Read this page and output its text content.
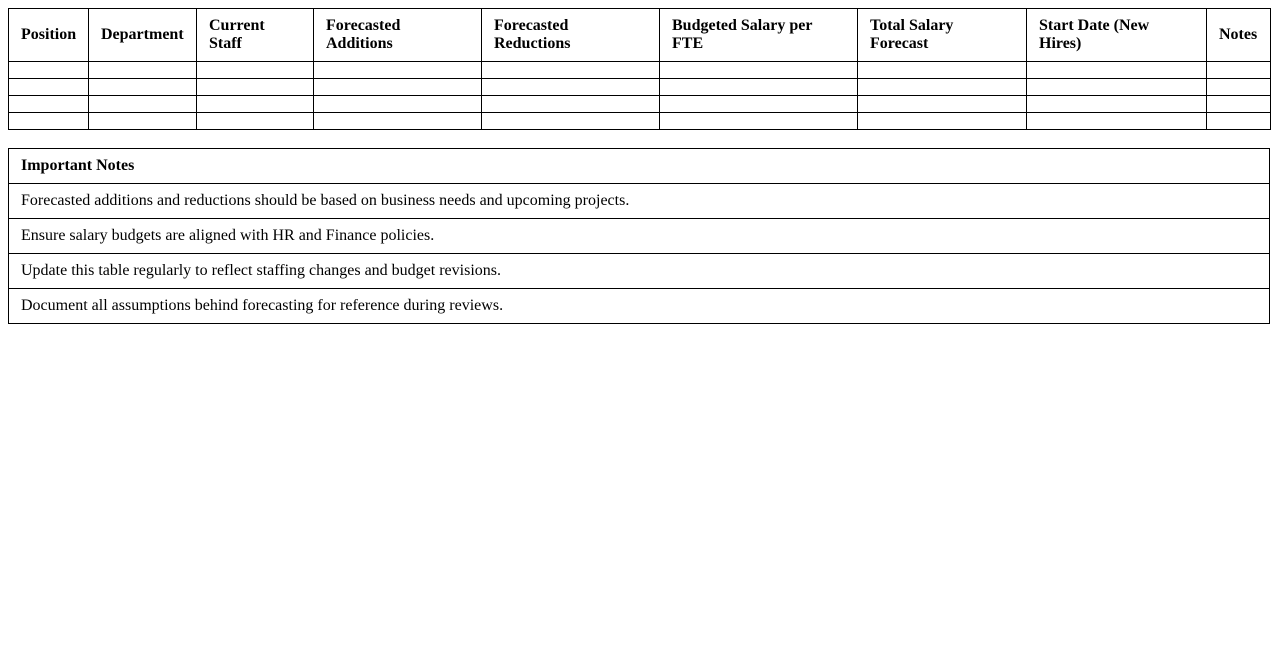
Position	Department	Current Staff	Forecasted Additions	Forecasted Reductions	Budgeted Salary per FTE	Total Salary Forecast	Start Date (New Hires)	Notes

Important Notes
Forecasted additions and reductions should be based on business needs and upcoming projects.
Ensure salary budgets are aligned with HR and Finance policies.
Update this table regularly to reflect staffing changes and budget revisions.
Document all assumptions behind forecasting for reference during reviews.
